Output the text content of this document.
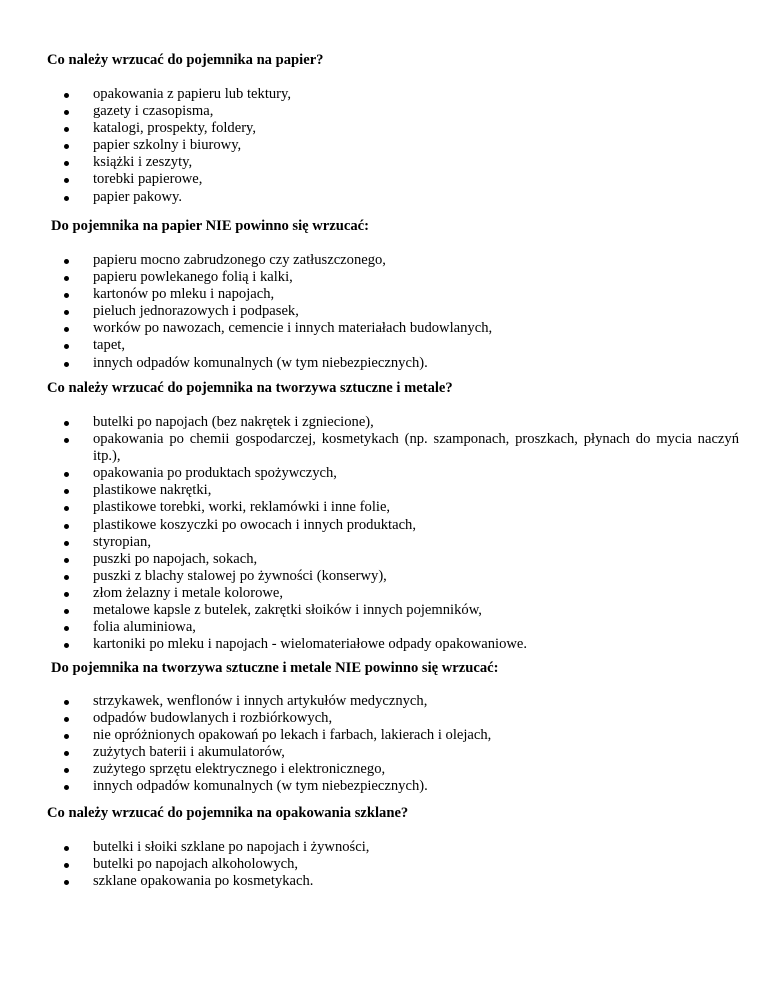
Co należy wrzucać do pojemnika na papier?

opakowania z papieru lub tektury,
gazety i czasopisma,
katalogi, prospekty, foldery,
papier szkolny i biurowy,
książki i zeszyty,
torebki papierowe,
papier pakowy.

Do pojemnika na papier NIE powinno się wrzucać:

papieru mocno zabrudzonego czy zatłuszczonego,
papieru powlekanego folią i kalki,
kartonów po mleku i napojach,
pieluch jednorazowych i podpasek,
worków po nawozach, cemencie i innych materiałach budowlanych,
tapet,
innych odpadów komunalnych (w tym niebezpiecznych).

Co należy wrzucać do pojemnika na tworzywa sztuczne i metale?

butelki po napojach (bez nakrętek i zgniecione),
opakowania po chemii gospodarczej, kosmetykach (np. szamponach, proszkach, płynach do mycia naczyń itp.),
opakowania po produktach spożywczych,
plastikowe nakrętki,
plastikowe torebki, worki, reklamówki i inne folie,
plastikowe koszyczki po owocach i innych produktach,
styropian,
puszki po napojach, sokach,
puszki z blachy stalowej po żywności (konserwy),
złom żelazny i metale kolorowe,
metalowe kapsle z butelek, zakrętki słoików i innych pojemników,
folia aluminiowa,
kartoniki po mleku i napojach - wielomateriałowe odpady opakowaniowe.

Do pojemnika na tworzywa sztuczne i metale NIE powinno się wrzucać:

strzykawek, wenflonów i innych artykułów medycznych,
odpadów budowlanych i rozbiórkowych,
nie opróżnionych opakowań po lekach i farbach, lakierach i olejach,
zużytych baterii i akumulatorów,
zużytego sprzętu elektrycznego i elektronicznego,
innych odpadów komunalnych (w tym niebezpiecznych).

Co należy wrzucać do pojemnika na opakowania szklane?

butelki i słoiki szklane po napojach i żywności,
butelki po napojach alkoholowych,
szklane opakowania po kosmetykach.
